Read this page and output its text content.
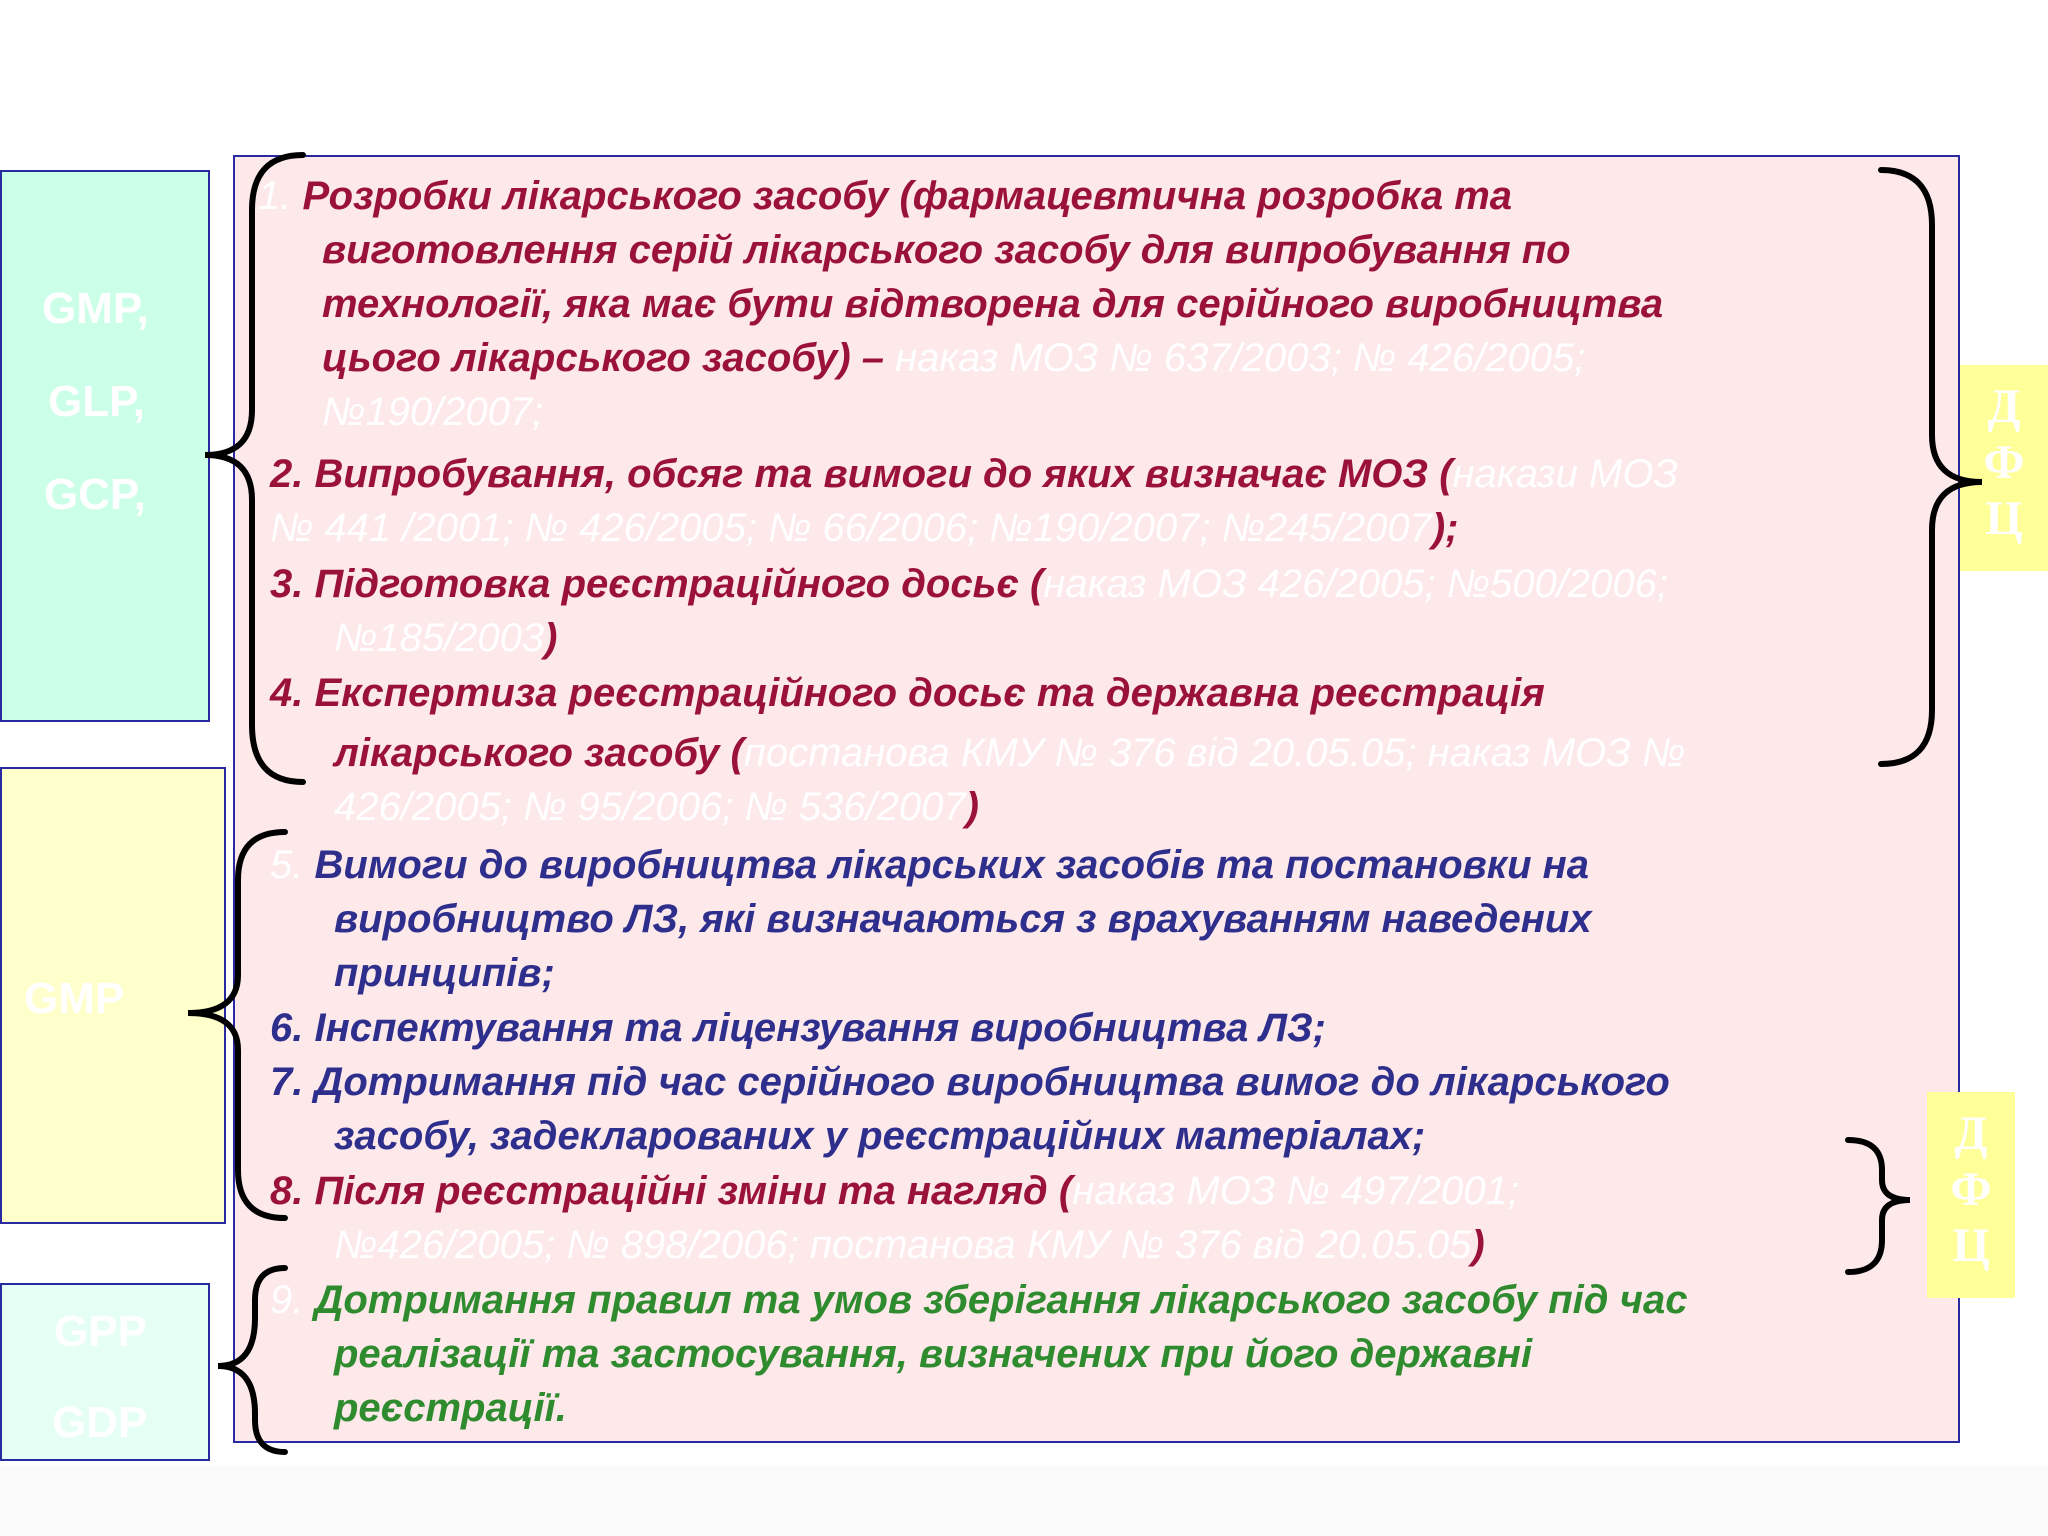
GMP,
GLP,
GCP,
GMP
GPP
GDP
Д
Ф
Ц
Д
Ф
Ц

1. Розробки лікарського засобу (фармацевтична розробка та
виготовлення серій лікарського засобу для випробування по
технології, яка має бути відтворена для серійного виробництва
цього лікарського засобу) – наказ МОЗ № 637/2003; № 426/2005;
№190/2007;

2. Випробування, обсяг та вимоги до яких визначає МОЗ (накази МОЗ
№ 441 /2001; № 426/2005; № 66/2006; №190/2007; №245/2007);

3. Підготовка реєстраційного досьє (наказ МОЗ 426/2005; №500/2006;
№185/2003)

4. Експертиза реєстраційного досьє та державна реєстрація
лікарського засобу (постанова КМУ № 376 від 20.05.05; наказ МОЗ №
426/2005; № 95/2006; № 536/2007)

5. Вимоги до виробництва лікарських засобів та постановки на
виробництво ЛЗ, які визначаються з врахуванням наведених
принципів;

6. Інспектування та ліцензування виробництва ЛЗ;

7. Дотримання під час серійного виробництва вимог до лікарського
засобу, задекларованих у реєстраційних матеріалах;

8. Після реєстраційні зміни та нагляд (наказ МОЗ № 497/2001;
№426/2005; № 898/2006; постанова КМУ № 376 від 20.05.05)

9. Дотримання правил та умов зберігання лікарського засобу під час
реалізації та застосування, визначених при його державні
реєстрації.
